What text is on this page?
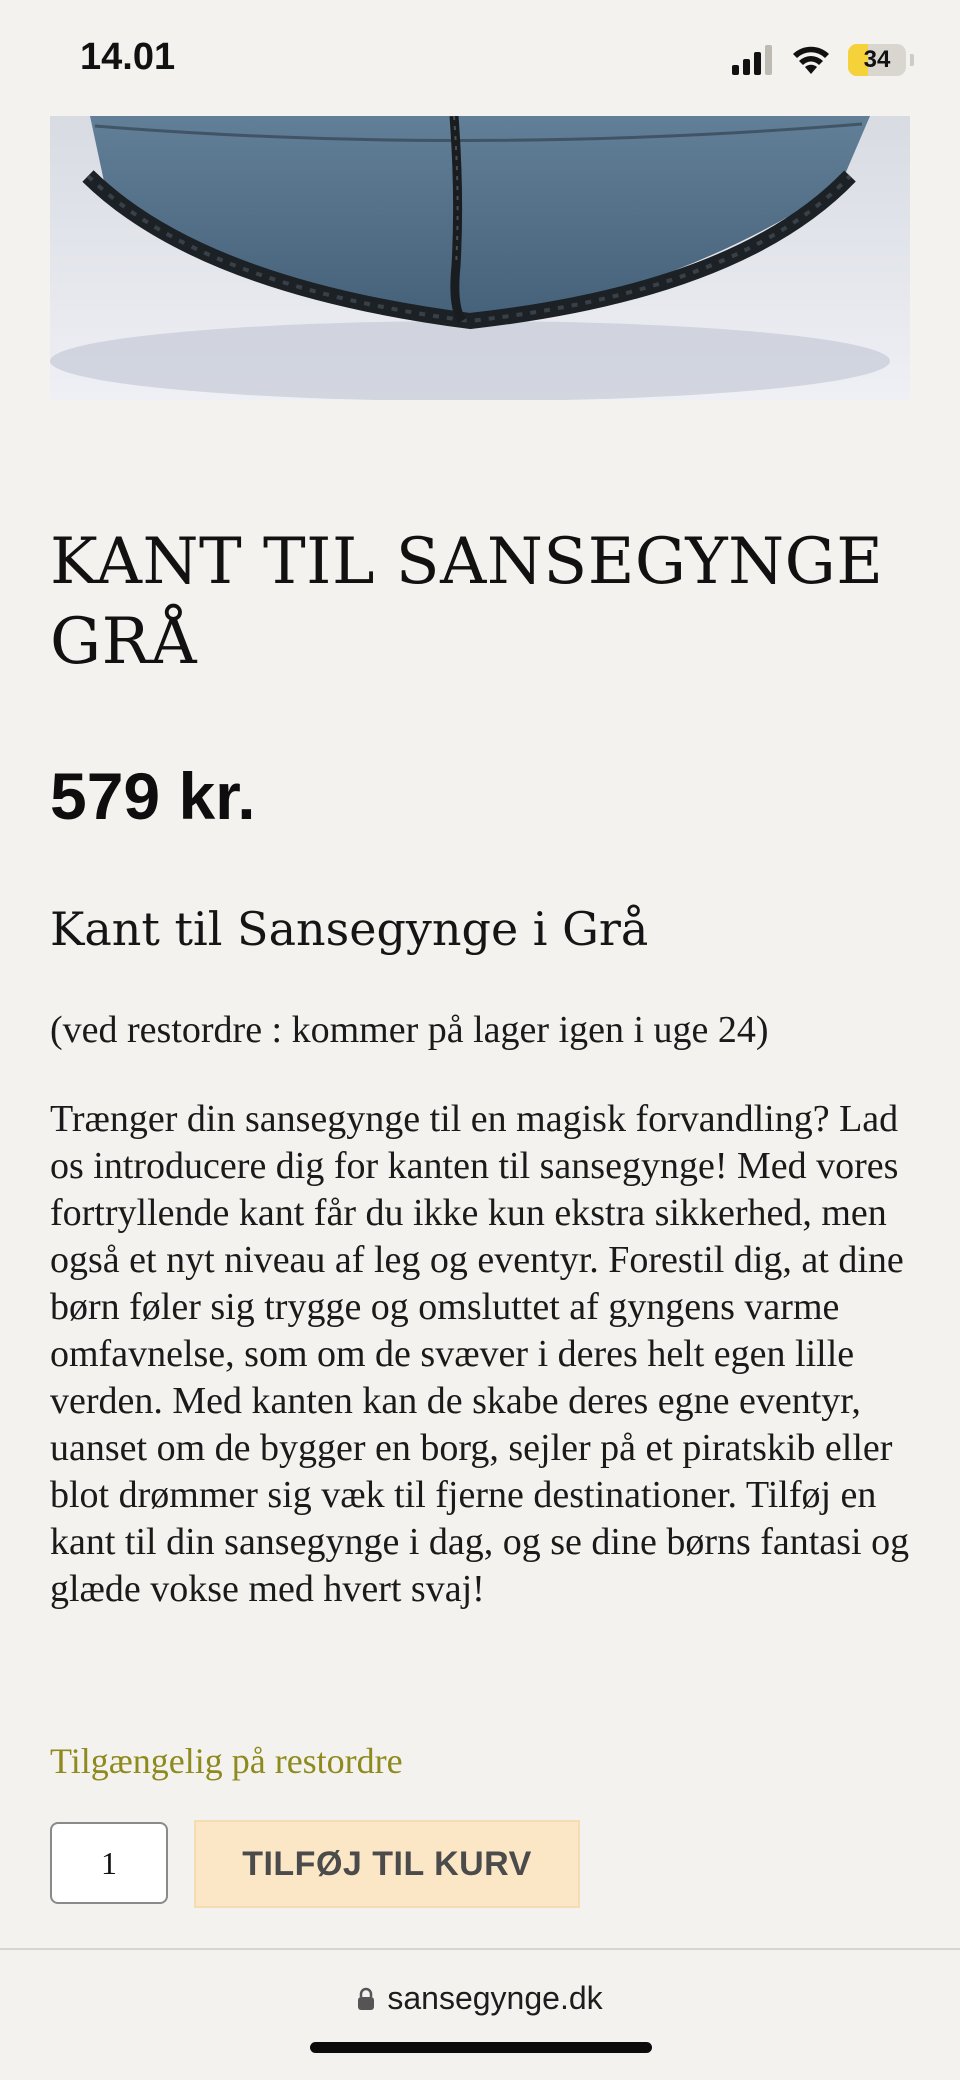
14.01	34
KANT TIL SANSEGYNGE GRÅ
579 kr.
Kant til Sansegynge i Grå
(ved restordre : kommer på lager igen i uge 24)
Trænger din sansegynge til en magisk forvandling? Lad os introducere dig for kanten til sansegynge! Med vores fortryllende kant får du ikke kun ekstra sikkerhed, men også et nyt niveau af leg og eventyr. Forestil dig, at dine børn føler sig trygge og omsluttet af gyngens varme omfavnelse, som om de svæver i deres helt egen lille verden. Med kanten kan de skabe deres egne eventyr, uanset om de bygger en borg, sejler på et piratskib eller blot drømmer sig væk til fjerne destinationer. Tilføj en kant til din sansegynge i dag, og se dine børns fantasi og glæde vokse med hvert svaj!
Tilgængelig på restordre
1
TILFØJ TIL KURV
sansegynge.dk
